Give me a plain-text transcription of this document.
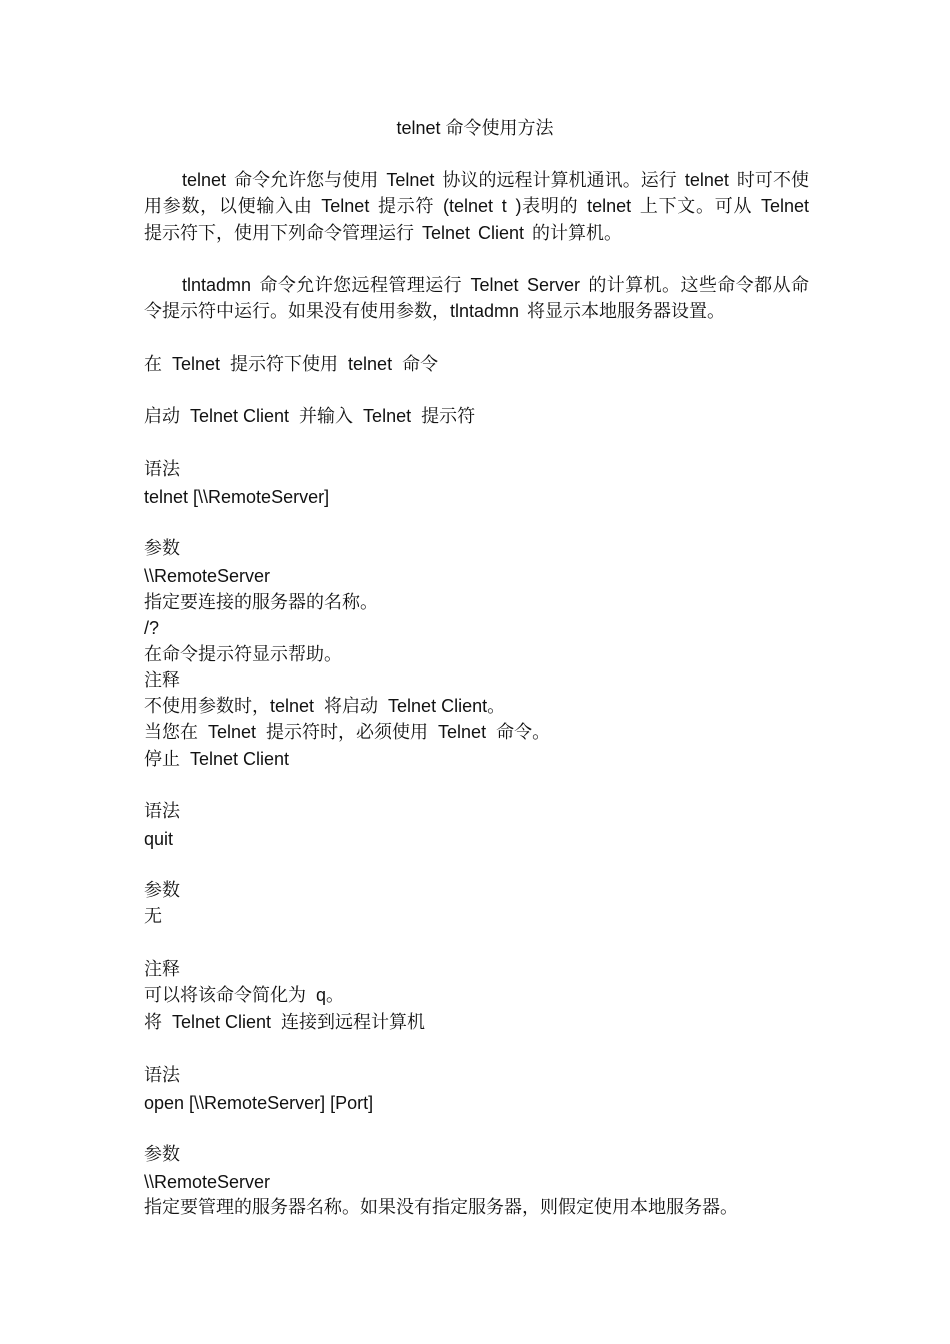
telnet 命令使用方法
telnet 命令允许您与使用 Telnet 协议的远程计算机通讯。运行 telnet 时可不使用参数，以便输入由 Telnet 提示符 (telnet t )表明的 telnet 上下文。可从 Telnet 提示符下，使用下列命令管理运行 Telnet Client 的计算机。
tlntadmn 命令允许您远程管理运行 Telnet Server 的计算机。这些命令都从命令提示符中运行。如果没有使用参数，tlntadmn 将显示本地服务器设置。
在  Telnet  提示符下使用  telnet  命令
启动  Telnet Client  并输入  Telnet  提示符
语法
telnet [\\RemoteServer]
参数
\\RemoteServer
指定要连接的服务器的名称。
/?
在命令提示符显示帮助。
注释
不使用参数时，telnet  将启动  Telnet Client。
当您在  Telnet  提示符时，必须使用  Telnet  命令。
停止  Telnet Client
语法
quit
参数
无
注释
可以将该命令简化为  q。
将  Telnet Client  连接到远程计算机
语法
open [\\RemoteServer] [Port]
参数
\\RemoteServer
指定要管理的服务器名称。如果没有指定服务器，则假定使用本地服务器。
